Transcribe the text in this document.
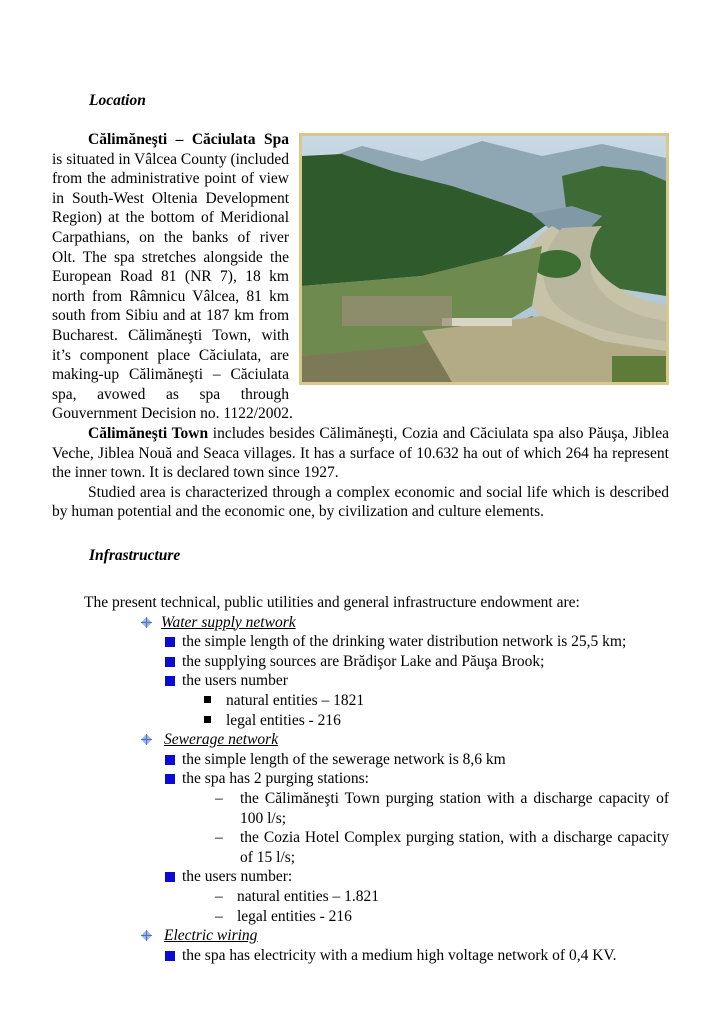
Location
Călimăneşti – Căciulata Spa is situated in Vâlcea County (included from the administrative point of view in South-West Oltenia Development Region) at the bottom of Meridional Carpathians, on the banks of river Olt. The spa stretches alongside the European Road 81 (NR 7), 18 km north from Râmnicu Vâlcea, 81 km south from Sibiu and at 187 km from Bucharest. Călimăneşti Town, with it’s component place Căciulata, are making-up Călimăneşti – Căciulata spa, avowed as spa through Gouvernment Decision no. 1122/2002.
Călimăneşti Town includes besides Călimăneşti, Cozia and Căciulata spa also Păuşa, Jiblea Veche, Jiblea Nouă and Seaca villages. It has a surface of 10.632 ha out of which 264 ha represent the inner town. It is declared town since 1927.
Studied area is characterized through a complex economic and social life which is described by human potential and the economic one, by civilization and culture elements.
Infrastructure
The present technical, public utilities and general infrastructure endowment are:
Water supply network
the simple length of the drinking water distribution network is 25,5 km;
the supplying sources are Brădişor Lake and Păuşa Brook;
the users number
natural entities – 1821
legal entities - 216
Sewerage network
the simple length of the sewerage network is 8,6 km
the spa has 2 purging stations:
– the Călimăneşti Town purging station with a discharge capacity of 100 l/s;
– the Cozia Hotel Complex purging station, with a discharge capacity of 15 l/s;
the users number:
– natural entities – 1.821
– legal entities - 216
Electric wiring
the spa has electricity with a medium high voltage network of 0,4 KV.
